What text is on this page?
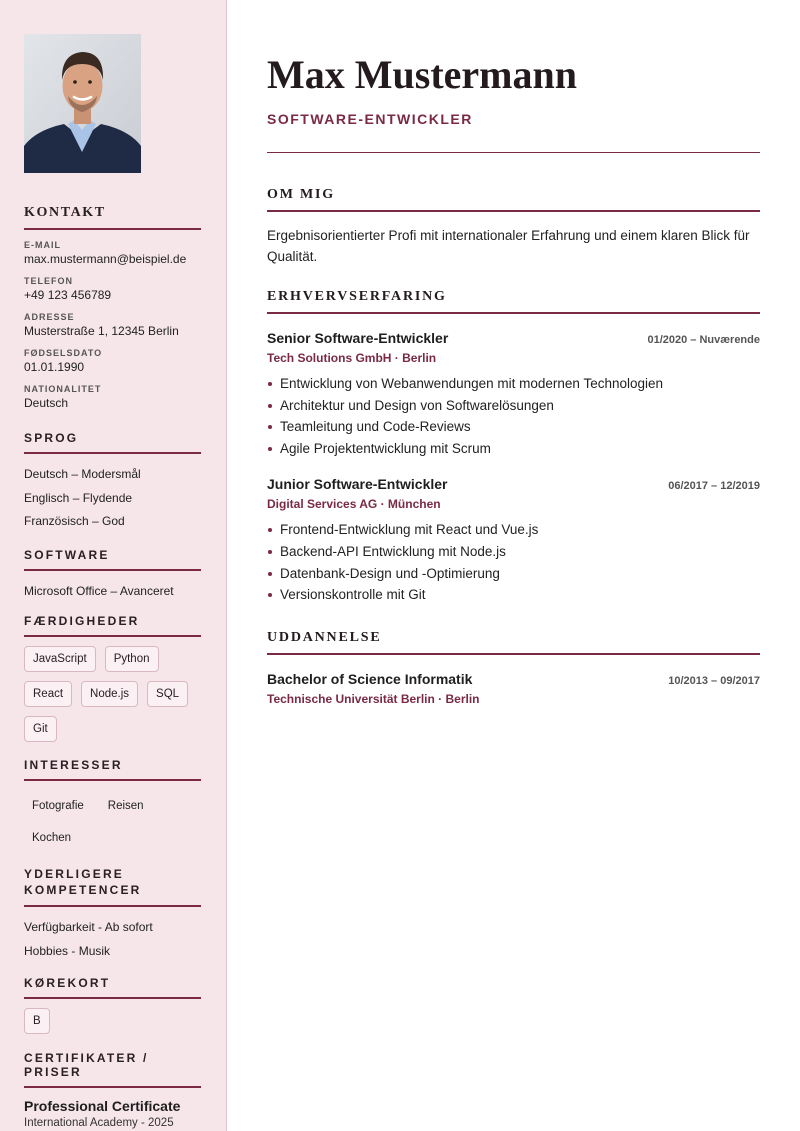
KONTAKT
E-MAIL
max.mustermann@beispiel.de
TELEFON
+49 123 456789
ADRESSE
Musterstraße 1, 12345 Berlin
FØDSELSDATO
01.01.1990
NATIONALITET
Deutsch
SPROG
Deutsch – Modersmål
Englisch – Flydende
Französisch – God
SOFTWARE
Microsoft Office – Avanceret
FÆRDIGHEDER
JavaScript	Python
React	Node.js	SQL
Git
INTERESSER
Fotografie	Reisen
Kochen
YDERLIGERE KOMPETENCER
Verfügbarkeit - Ab sofort
Hobbies - Musik
KØREKORT
B
CERTIFIKATER / PRISER
Professional Certificate
International Academy - 2025
Max Mustermann
SOFTWARE-ENTWICKLER
OM MIG

Ergebnisorientierter Profi mit internationaler Erfahrung und einem klaren Blick für Qualität.

ERHVERVSERFARING
Senior Software-Entwickler	01/2020 – Nuværende
Tech Solutions GmbH · Berlin
Entwicklung von Webanwendungen mit modernen Technologien
Architektur und Design von Softwarelösungen
Teamleitung und Code-Reviews
Agile Projektentwicklung mit Scrum
Junior Software-Entwickler	06/2017 – 12/2019
Digital Services AG · München
Frontend-Entwicklung mit React und Vue.js
Backend-API Entwicklung mit Node.js
Datenbank-Design und -Optimierung
Versionskontrolle mit Git
UDDANNELSE
Bachelor of Science Informatik	10/2013 – 09/2017
Technische Universität Berlin · Berlin
